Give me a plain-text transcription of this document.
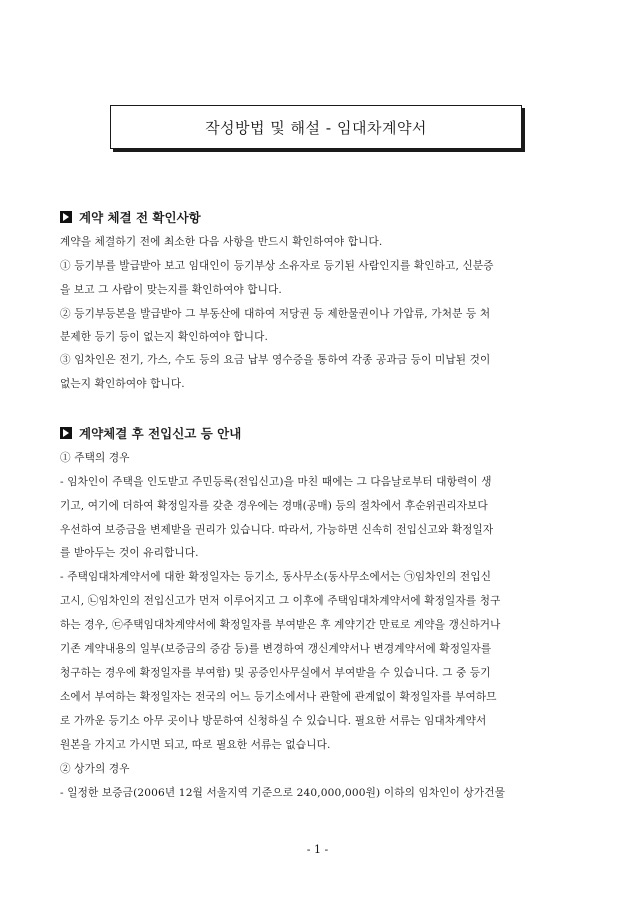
작성방법 및 해설 - 임대차계약서
계약 체결 전 확인사항
계약을 체결하기 전에 최소한 다음 사항을 반드시 확인하여야 합니다.
① 등기부를 발급받아 보고 임대인이 등기부상 소유자로 등기된 사람인지를 확인하고, 신분증
을 보고 그 사람이 맞는지를 확인하여야 합니다.
② 등기부등본을 발급받아 그 부동산에 대하여 저당권 등 제한물권이나 가압류, 가처분 등 처
분제한 등기 등이 없는지 확인하여야 합니다.
③ 임차인은 전기, 가스, 수도 등의 요금 납부 영수증을 통하여 각종 공과금 등이 미납된 것이
없는지 확인하여야 합니다.
계약체결 후 전입신고 등 안내
① 주택의 경우
- 임차인이 주택을 인도받고 주민등록(전입신고)을 마친 때에는 그 다음날로부터 대항력이 생
기고, 여기에 더하여 확정일자를 갖춘 경우에는 경매(공매) 등의 절차에서 후순위권리자보다
우선하여 보증금을 변제받을 권리가 있습니다. 따라서, 가능하면 신속히 전입신고와 확정일자
를 받아두는 것이 유리합니다.
- 주택임대차계약서에 대한 확정일자는 등기소, 동사무소(동사무소에서는 ㉠임차인의 전입신
고시, ㉡임차인의 전입신고가 먼저 이루어지고 그 이후에 주택임대차계약서에 확정일자를 청구
하는 경우, ㉢주택임대차계약서에 확정일자를 부여받은 후 계약기간 만료로 계약을 갱신하거나
기존 계약내용의 일부(보증금의 증감 등)를 변경하여 갱신계약서나 변경계약서에 확정일자를
청구하는 경우에 확정일자를 부여함) 및 공증인사무실에서 부여받을 수 있습니다. 그 중 등기
소에서 부여하는 확정일자는 전국의 어느 등기소에서나 관할에 관계없이 확정일자를 부여하므
로 가까운 등기소 아무 곳이나 방문하여 신청하실 수 있습니다. 필요한 서류는 임대차계약서
원본을 가지고 가시면 되고, 따로 필요한 서류는 없습니다.
② 상가의 경우
- 일정한 보증금(2006년 12월 서울지역 기준으로 240,000,000원) 이하의 임차인이 상가건물
- 1 -
